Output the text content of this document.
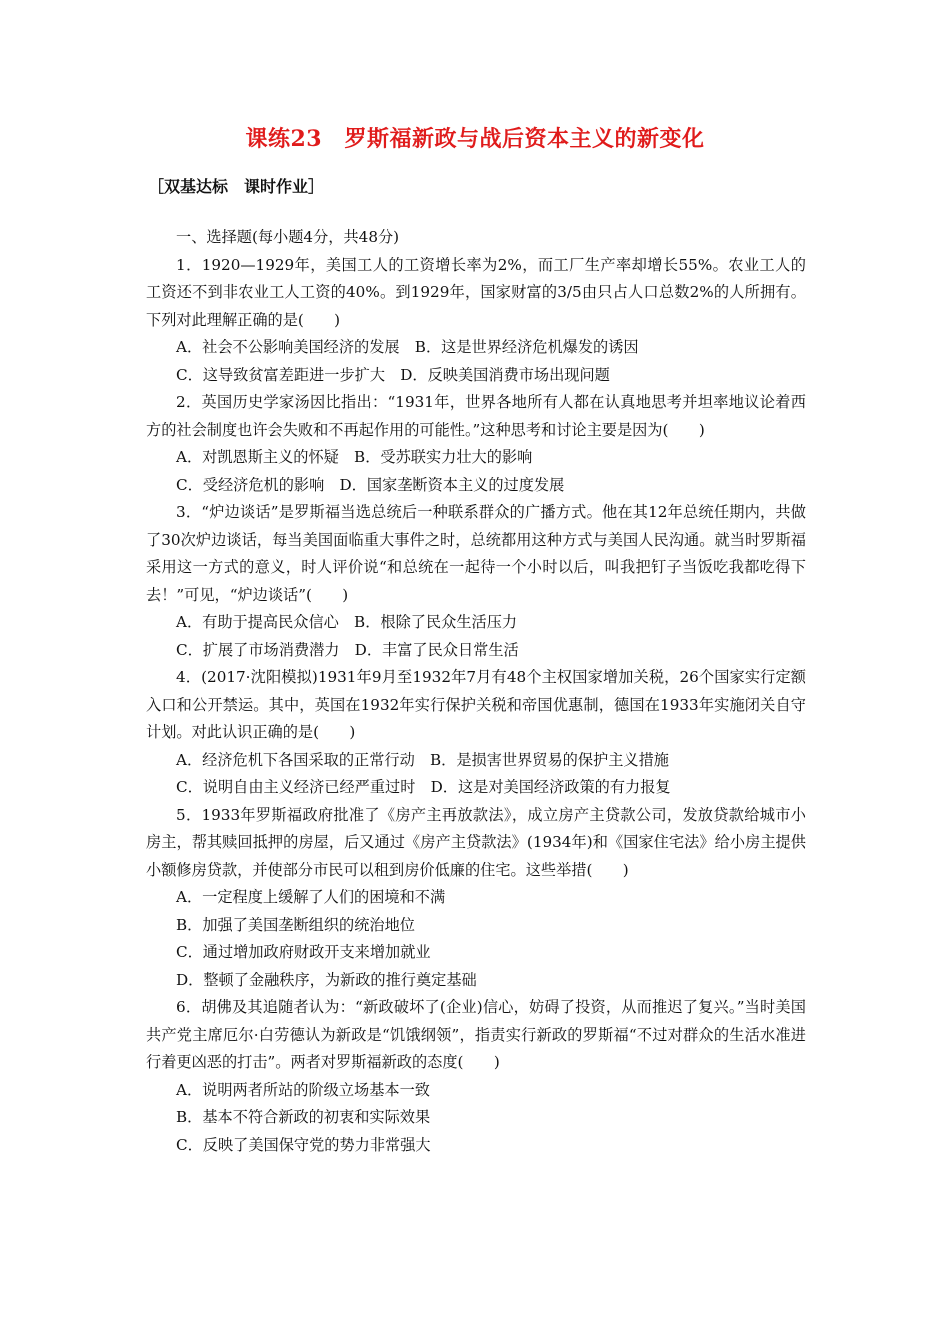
课练23　罗斯福新政与战后资本主义的新变化
［双基达标　课时作业］

一、选择题(每小题4分，共48分)

1．1920—1929年，美国工人的工资增长率为2%，而工厂生产率却增长55%。农业工人的工资还不到非农业工人工资的40%。到1929年，国家财富的3/5由只占人口总数2%的人所拥有。下列对此理解正确的是(　　)

A．社会不公影响美国经济的发展　B．这是世界经济危机爆发的诱因

C．这导致贫富差距进一步扩大　D．反映美国消费市场出现问题

2．英国历史学家汤因比指出：“1931年，世界各地所有人都在认真地思考并坦率地议论着西方的社会制度也许会失败和不再起作用的可能性。”这种思考和讨论主要是因为(　　)

A．对凯恩斯主义的怀疑　B．受苏联实力壮大的影响

C．受经济危机的影响　D．国家垄断资本主义的过度发展

3．“炉边谈话”是罗斯福当选总统后一种联系群众的广播方式。他在其12年总统任期内，共做了30次炉边谈话，每当美国面临重大事件之时，总统都用这种方式与美国人民沟通。就当时罗斯福采用这一方式的意义，时人评价说“和总统在一起待一个小时以后，叫我把钉子当饭吃我都吃得下去！”可见，“炉边谈话”(　　)

A．有助于提高民众信心　B．根除了民众生活压力

C．扩展了市场消费潜力　D．丰富了民众日常生活

4．(2017·沈阳模拟)1931年9月至1932年7月有48个主权国家增加关税，26个国家实行定额入口和公开禁运。其中，英国在1932年实行保护关税和帝国优惠制，德国在1933年实施闭关自守计划。对此认识正确的是(　　)

A．经济危机下各国采取的正常行动　B．是损害世界贸易的保护主义措施

C．说明自由主义经济已经严重过时　D．这是对美国经济政策的有力报复

5．1933年罗斯福政府批准了《房产主再放款法》，成立房产主贷款公司，发放贷款给城市小房主，帮其赎回抵押的房屋，后又通过《房产主贷款法》(1934年)和《国家住宅法》给小房主提供小额修房贷款，并使部分市民可以租到房价低廉的住宅。这些举措(　　)

A．一定程度上缓解了人们的困境和不满

B．加强了美国垄断组织的统治地位

C．通过增加政府财政开支来增加就业

D．整顿了金融秩序，为新政的推行奠定基础

6．胡佛及其追随者认为：“新政破坏了(企业)信心，妨碍了投资，从而推迟了复兴。”当时美国共产党主席厄尔·白劳德认为新政是“饥饿纲领”，指责实行新政的罗斯福“不过对群众的生活水准进行着更凶恶的打击”。两者对罗斯福新政的态度(　　)

A．说明两者所站的阶级立场基本一致

B．基本不符合新政的初衷和实际效果

C．反映了美国保守党的势力非常强大
